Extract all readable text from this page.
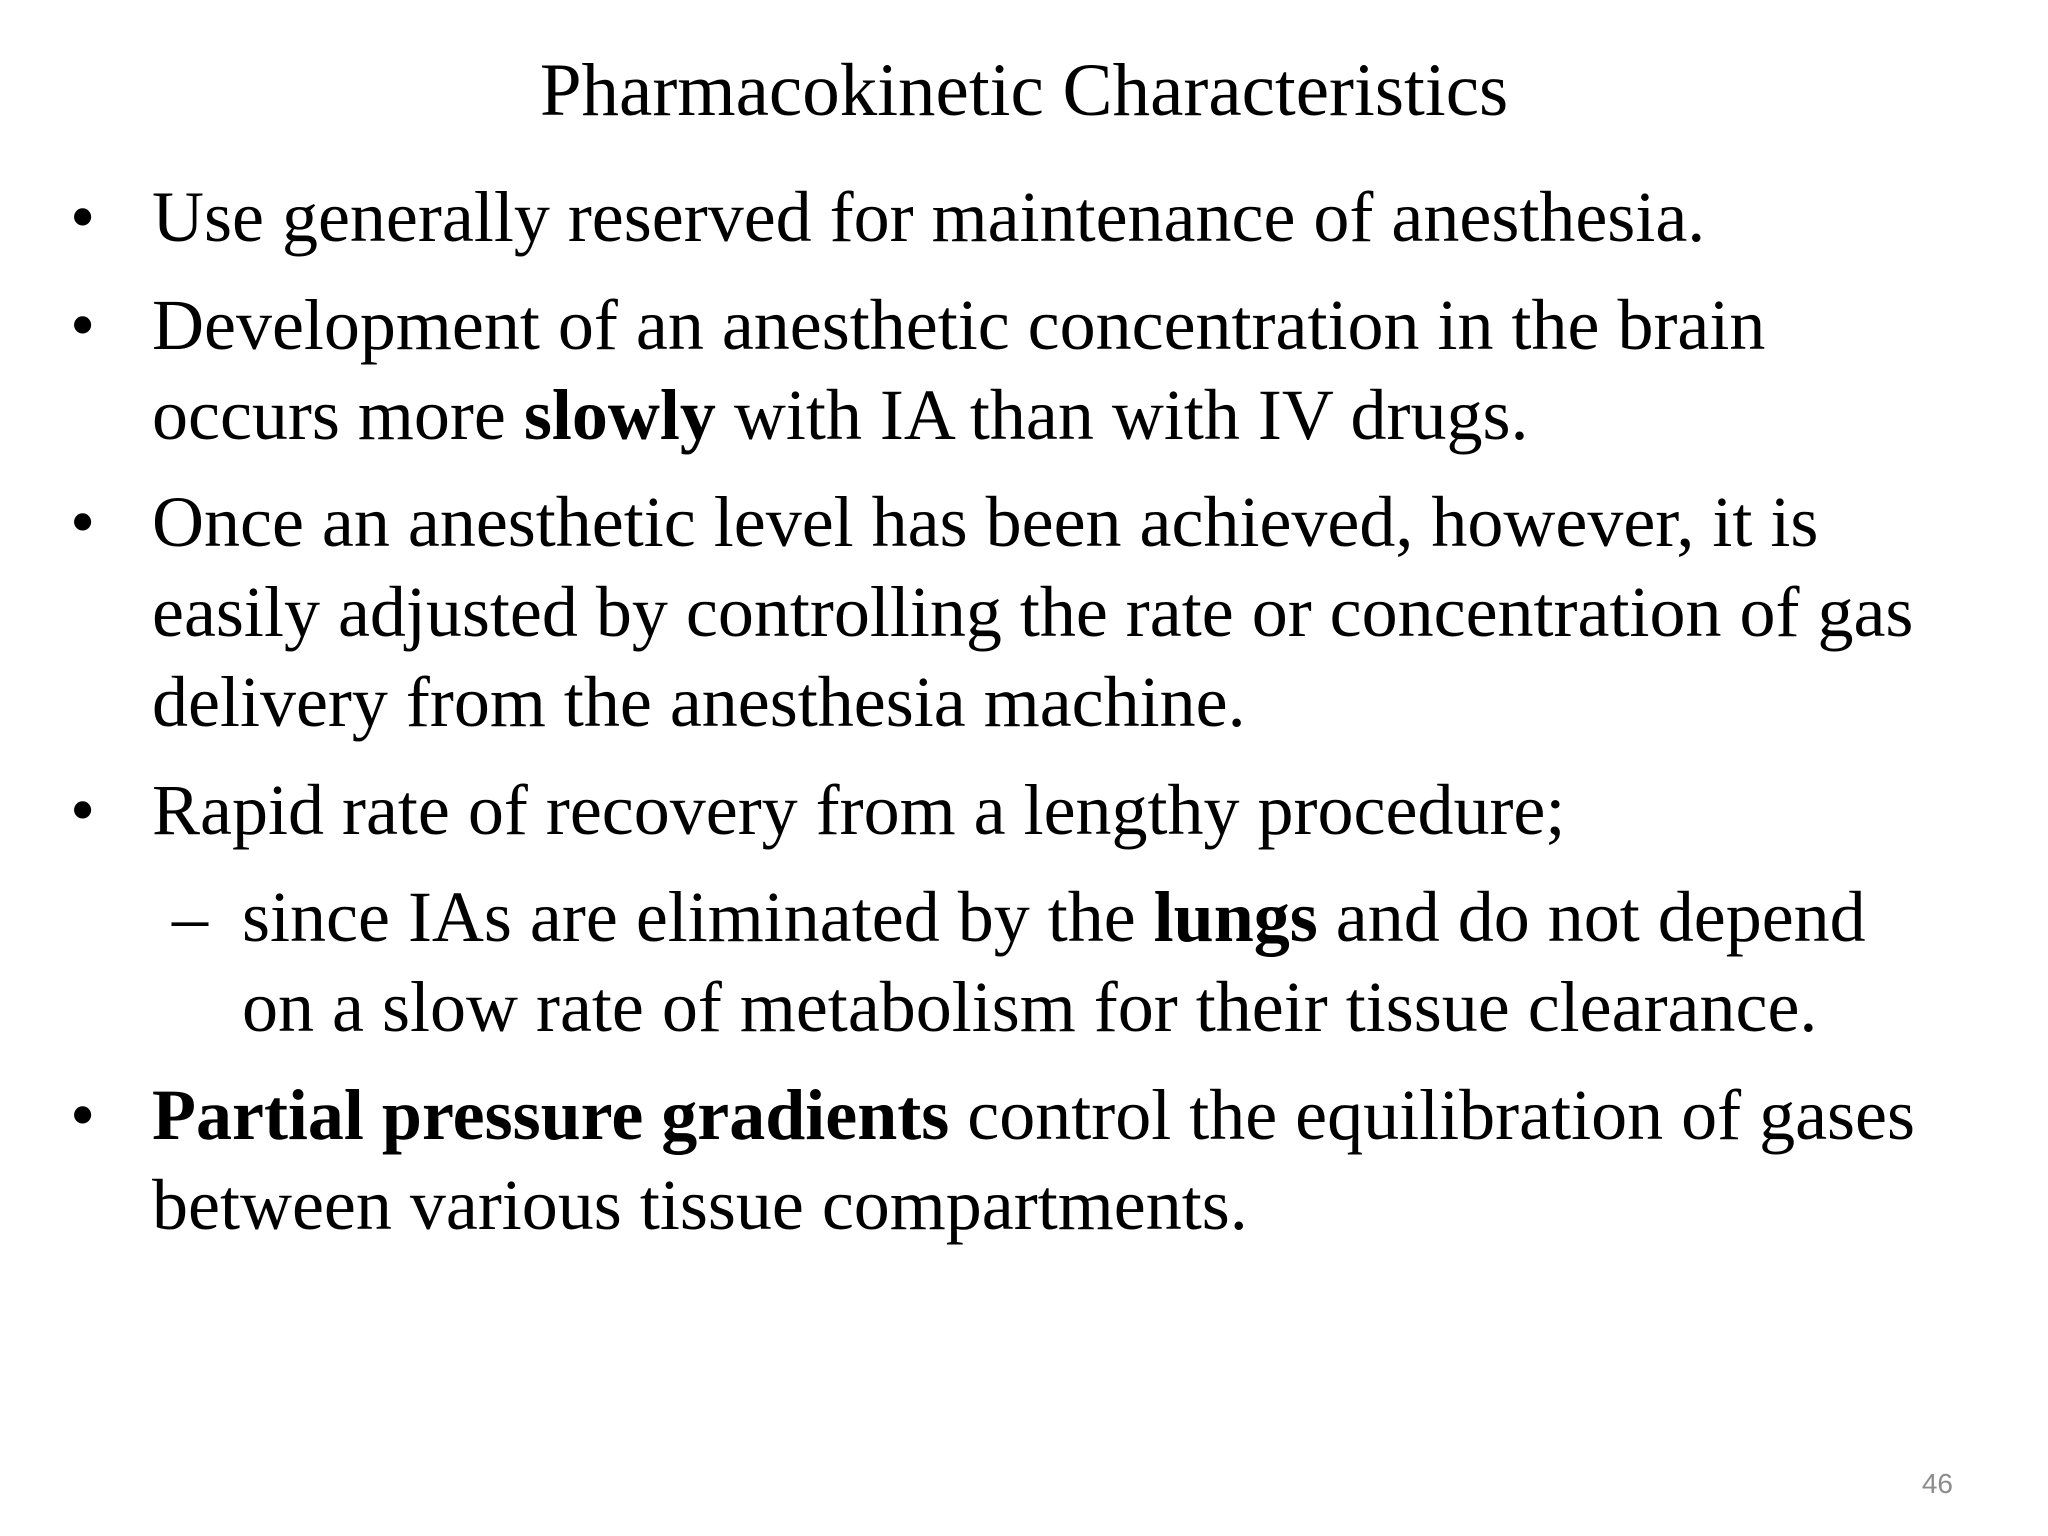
Pharmacokinetic Characteristics
• Use generally reserved for maintenance of anesthesia.
• Development of an anesthetic concentration in the brain
occurs more slowly with IA than with IV drugs.
• Once an anesthetic level has been achieved, however, it is
easily adjusted by controlling the rate or concentration of gas
delivery from the anesthesia machine.
• Rapid rate of recovery from a lengthy procedure;
– since IAs are eliminated by the lungs and do not depend
on a slow rate of metabolism for their tissue clearance.
• Partial pressure gradients control the equilibration of gases
between various tissue compartments.
46
